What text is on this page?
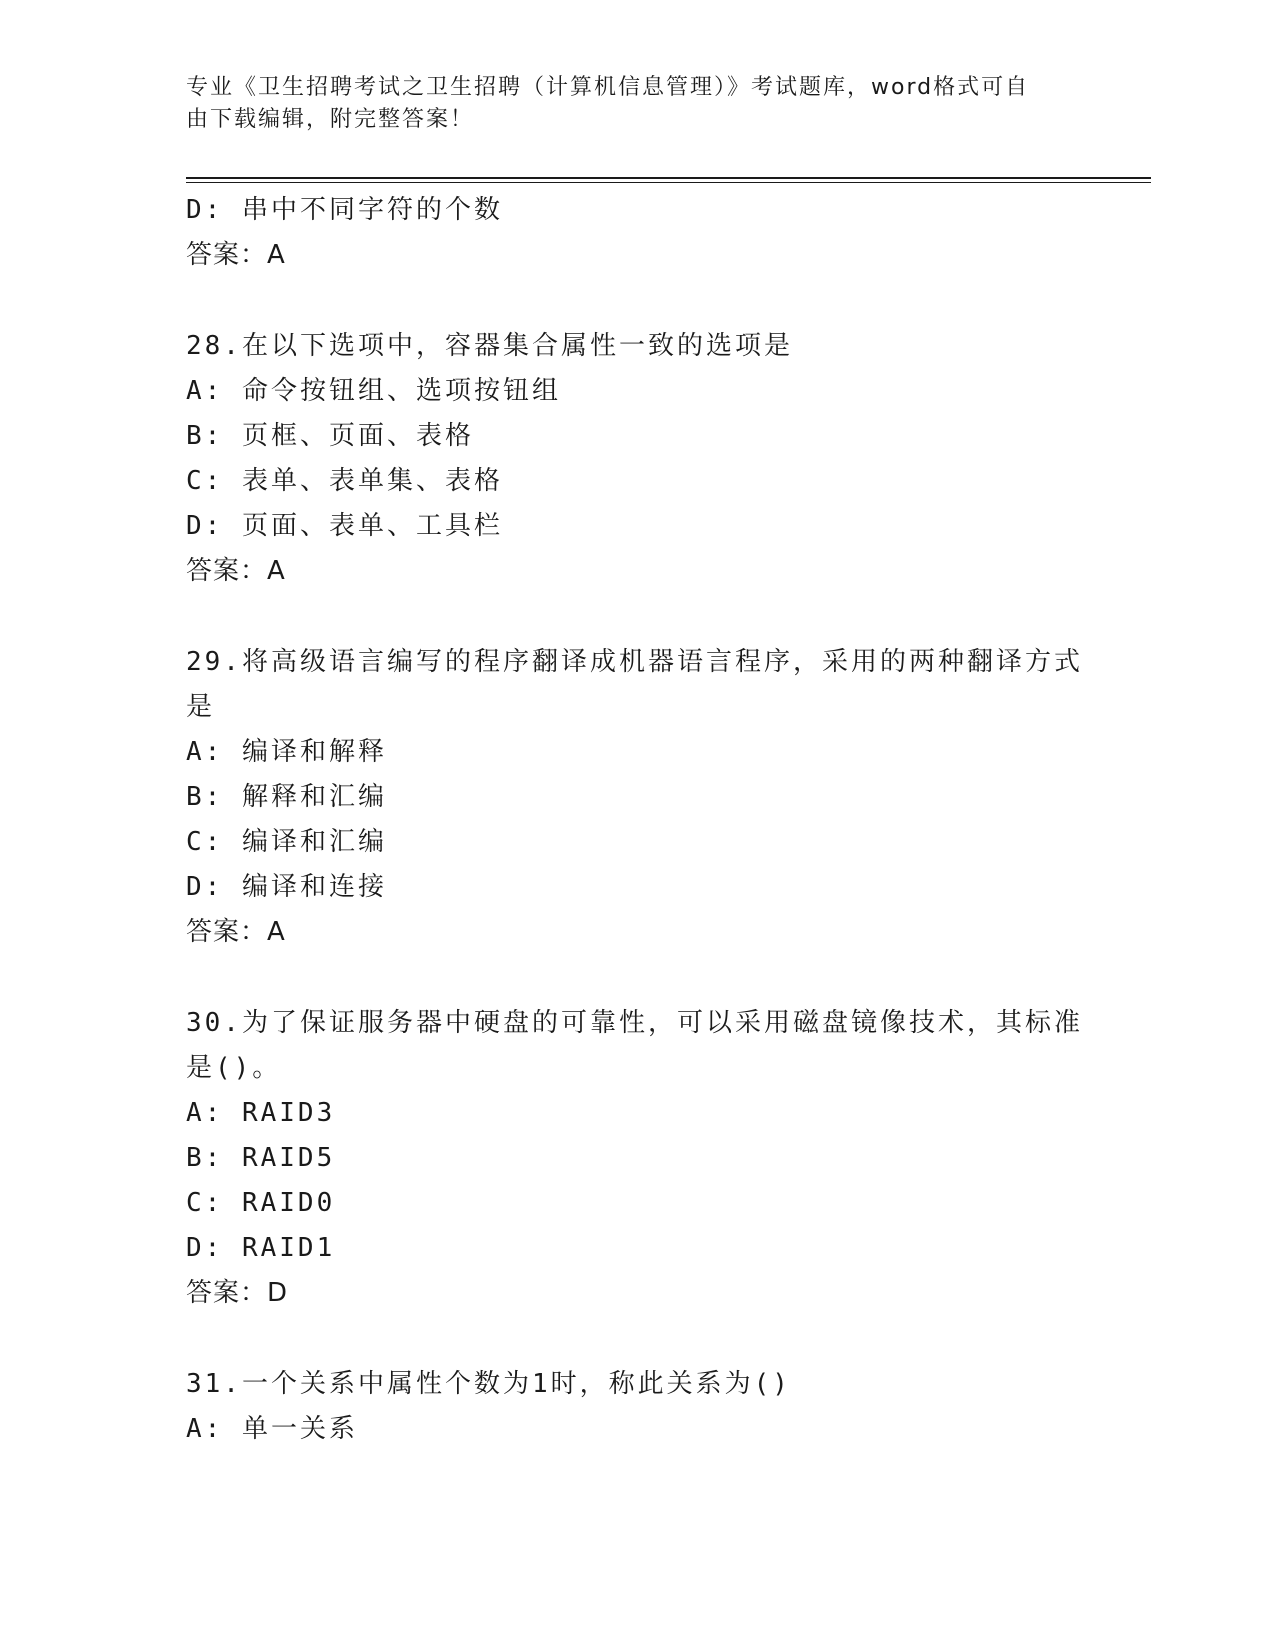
专业《卫生招聘考试之卫生招聘（计算机信息管理）》考试题库，word格式可自
由下载编辑，附完整答案！
D: 串中不同字符的个数
答案：A
28.在以下选项中，容器集合属性一致的选项是
A: 命令按钮组、选项按钮组
B: 页框、页面、表格
C: 表单、表单集、表格
D: 页面、表单、工具栏
答案：A
29.将高级语言编写的程序翻译成机器语言程序，采用的两种翻译方式
是
A: 编译和解释
B: 解释和汇编
C: 编译和汇编
D: 编译和连接
答案：A
30.为了保证服务器中硬盘的可靠性，可以采用磁盘镜像技术，其标准
是()。
A: RAID3
B: RAID5
C: RAID0
D: RAID1
答案：D
31.一个关系中属性个数为1时，称此关系为()
A: 单一关系
